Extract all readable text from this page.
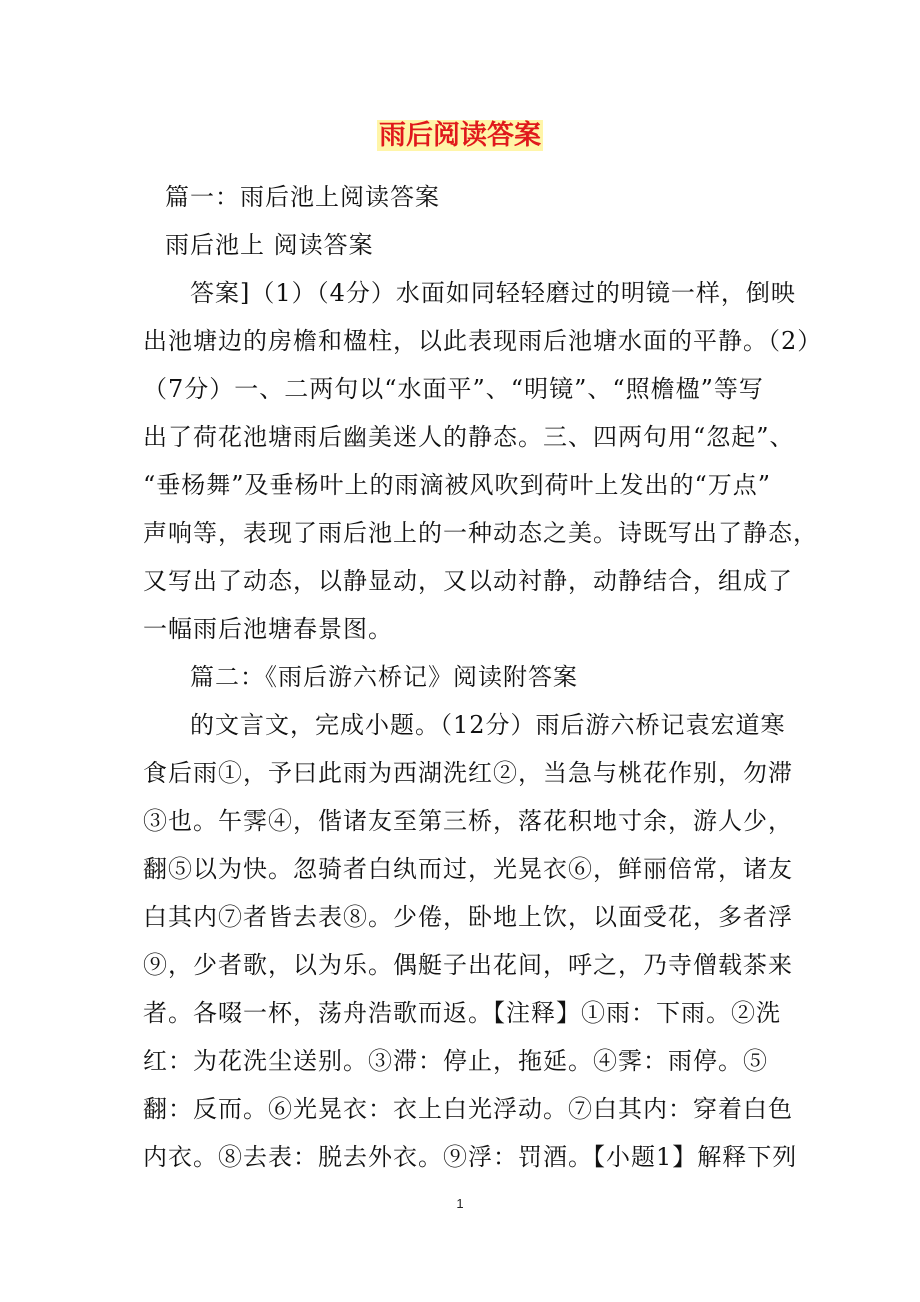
雨后阅读答案
篇一：雨后池上阅读答案
雨后池上 阅读答案
答案]（1）（4分）水面如同轻轻磨过的明镜一样，倒映
出池塘边的房檐和楹柱，以此表现雨后池塘水面的平静。（2）
（7分）一、二两句以“水面平”、“明镜”、“照檐楹”等写
出了荷花池塘雨后幽美迷人的静态。三、四两句用“忽起”、
“垂杨舞”及垂杨叶上的雨滴被风吹到荷叶上发出的“万点”
声响等，表现了雨后池上的一种动态之美。诗既写出了静态，
又写出了动态，以静显动，又以动衬静，动静结合，组成了
一幅雨后池塘春景图。
篇二：《雨后游六桥记》阅读附答案
的文言文，完成小题。（12分）雨后游六桥记袁宏道寒
食后雨①，予曰此雨为西湖洗红②，当急与桃花作别，勿滞
③也。午霁④，偕诸友至第三桥，落花积地寸余，游人少，
翻⑤以为快。忽骑者白纨而过，光晃衣⑥，鲜丽倍常，诸友
白其内⑦者皆去表⑧。少倦，卧地上饮，以面受花，多者浮
⑨，少者歌，以为乐。偶艇子出花间，呼之，乃寺僧载茶来
者。各啜一杯，荡舟浩歌而返。【注释】①雨：下雨。②洗
红：为花洗尘送别。③滞：停止，拖延。④霁：雨停。⑤
翻：反而。⑥光晃衣：衣上白光浮动。⑦白其内：穿着白色
内衣。⑧去表：脱去外衣。⑨浮：罚酒。【小题1】解释下列
1
